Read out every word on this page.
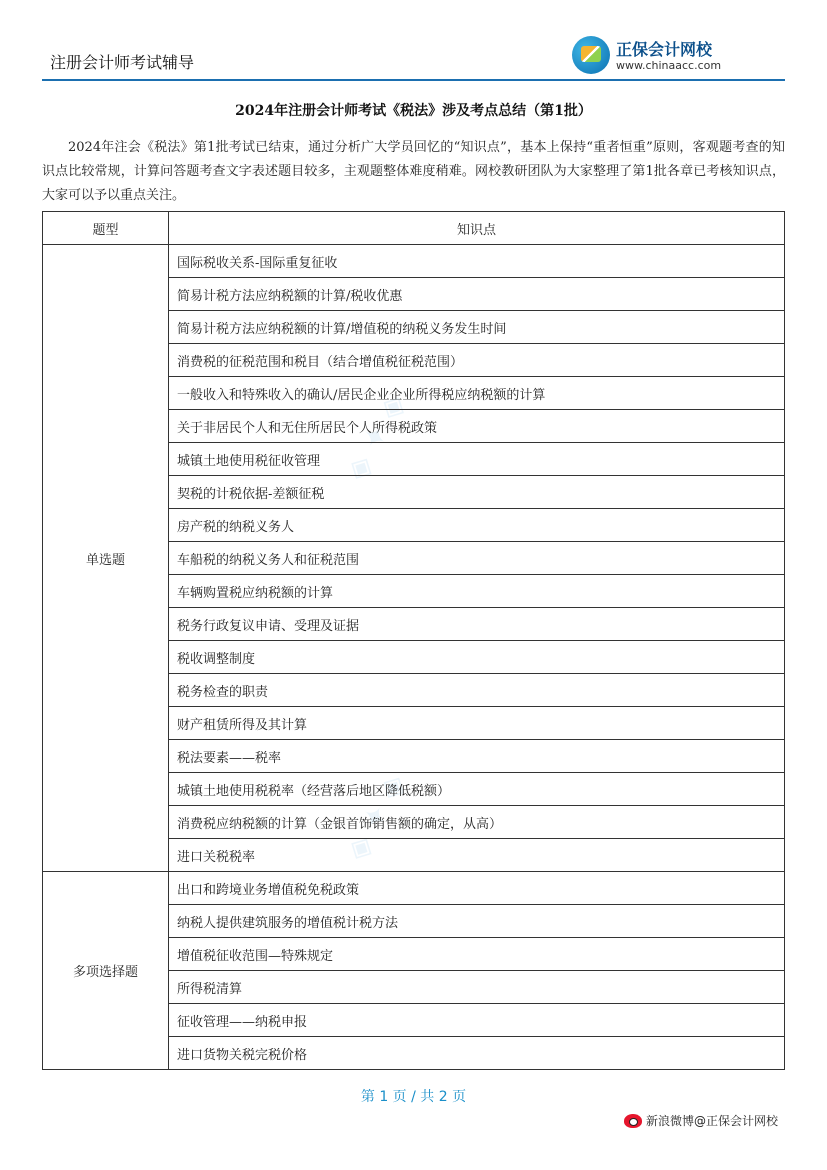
注册会计师考试辅导
正保会计网校
www.chinaacc.com
◈ ✦ ◈
◈ ✦ ◈
2024年注册会计师考试《税法》涉及考点总结（第1批）

2024年注会《税法》第1批考试已结束，通过分析广大学员回忆的“知识点”，基本上保持“重者恒重”原则，客观题考查的知识点比较常规，计算问答题考查文字表述题目较多，主观题整体难度稍难。网校教研团队为大家整理了第1批各章已考核知识点，大家可以予以重点关注。

题型	知识点
单选题	国际税收关系-国际重复征收
	简易计税方法应纳税额的计算/税收优惠
	简易计税方法应纳税额的计算/增值税的纳税义务发生时间
	消费税的征税范围和税目（结合增值税征税范围）
	一般收入和特殊收入的确认/居民企业企业所得税应纳税额的计算
	关于非居民个人和无住所居民个人所得税政策
	城镇土地使用税征收管理
	契税的计税依据-差额征税
	房产税的纳税义务人
	车船税的纳税义务人和征税范围
	车辆购置税应纳税额的计算
	税务行政复议申请、受理及证据
	税收调整制度
	税务检查的职责
	财产租赁所得及其计算
	税法要素——税率
	城镇土地使用税税率（经营落后地区降低税额）
	消费税应纳税额的计算（金银首饰销售额的确定，从高）
	进口关税税率
多项选择题	出口和跨境业务增值税免税政策
	纳税人提供建筑服务的增值税计税方法
	增值税征收范围—特殊规定
	所得税清算
	征收管理——纳税申报
	进口货物关税完税价格
第 1 页 / 共 2 页
新浪微博@正保会计网校
